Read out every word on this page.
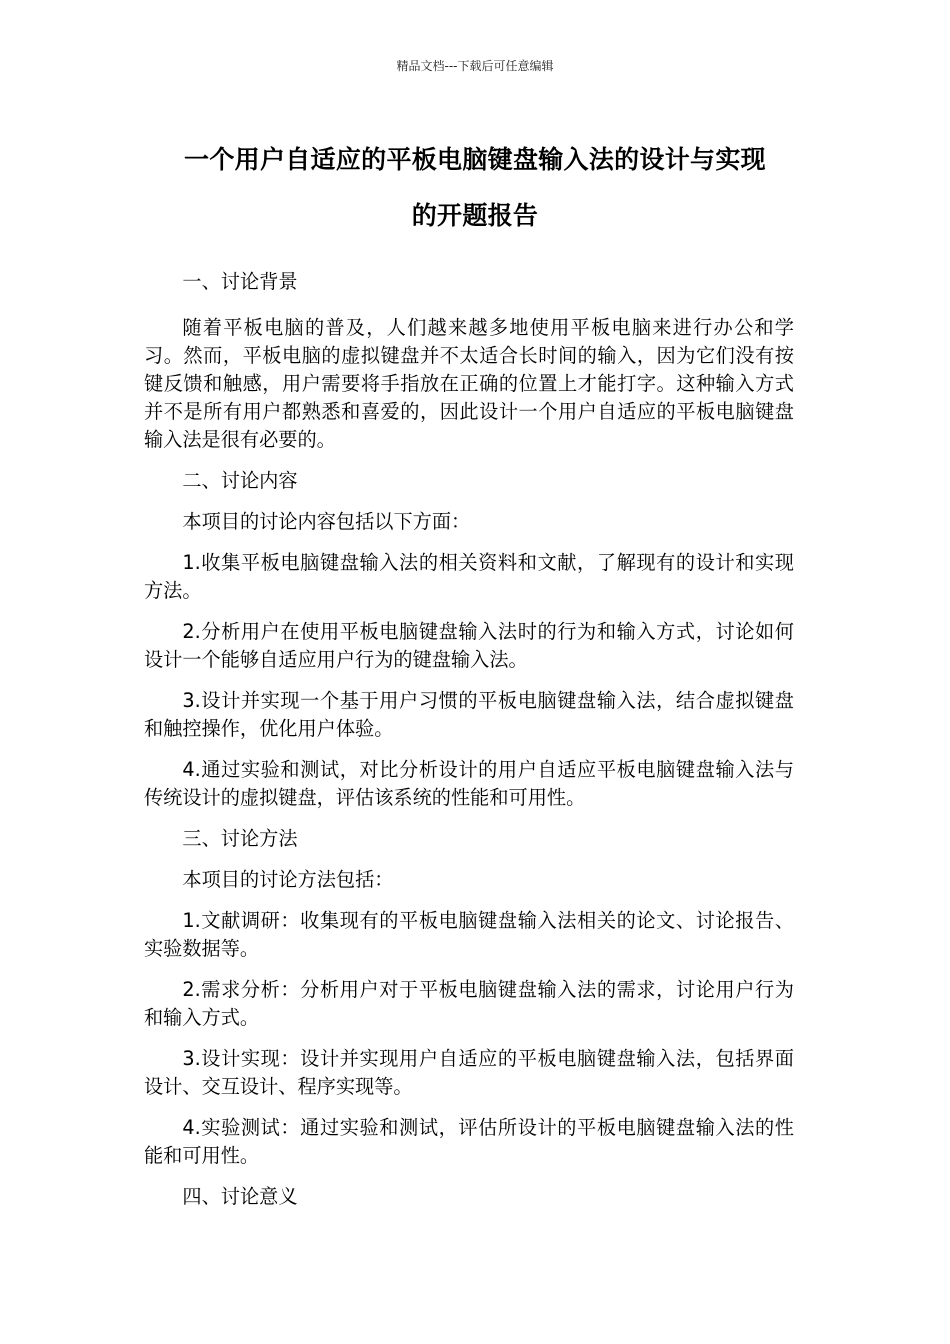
精品文档---下载后可任意编辑
一个用户自适应的平板电脑键盘输入法的设计与实现
的开题报告

一、讨论背景

随着平板电脑的普及，人们越来越多地使用平板电脑来进行办公和学习。然而，平板电脑的虚拟键盘并不太适合长时间的输入，因为它们没有按键反馈和触感，用户需要将手指放在正确的位置上才能打字。这种输入方式并不是所有用户都熟悉和喜爱的，因此设计一个用户自适应的平板电脑键盘输入法是很有必要的。

二、讨论内容

本项目的讨论内容包括以下方面：

1.收集平板电脑键盘输入法的相关资料和文献，了解现有的设计和实现方法。

2.分析用户在使用平板电脑键盘输入法时的行为和输入方式，讨论如何设计一个能够自适应用户行为的键盘输入法。

3.设计并实现一个基于用户习惯的平板电脑键盘输入法，结合虚拟键盘和触控操作，优化用户体验。

4.通过实验和测试，对比分析设计的用户自适应平板电脑键盘输入法与传统设计的虚拟键盘，评估该系统的性能和可用性。

三、讨论方法

本项目的讨论方法包括：

1.文献调研：收集现有的平板电脑键盘输入法相关的论文、讨论报告、实验数据等。

2.需求分析：分析用户对于平板电脑键盘输入法的需求，讨论用户行为和输入方式。

3.设计实现：设计并实现用户自适应的平板电脑键盘输入法，包括界面设计、交互设计、程序实现等。

4.实验测试：通过实验和测试，评估所设计的平板电脑键盘输入法的性能和可用性。

四、讨论意义
